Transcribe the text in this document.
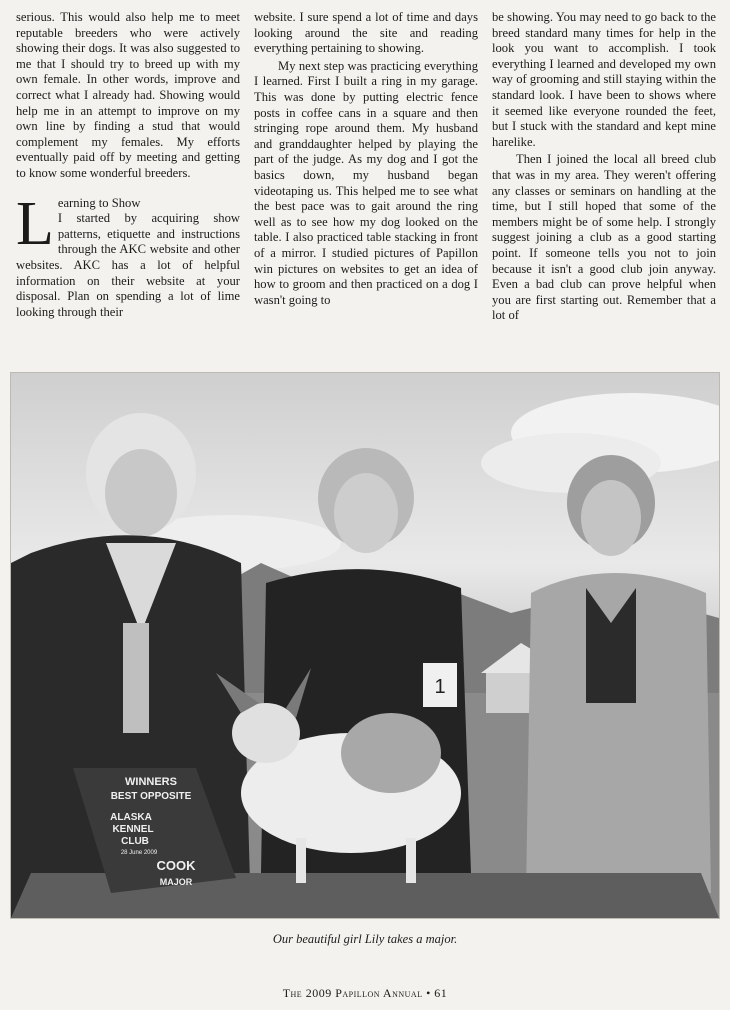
serious. This would also help me to meet reputable breeders who were actively showing their dogs. It was also suggested to me that I should try to breed up with my own female. In other words, improve and correct what I already had. Showing would help me in an attempt to improve on my own line by finding a stud that would complement my females. My efforts eventually paid off by meeting and getting to know some wonderful breeders.

L earning to Show
I started by acquiring show patterns, etiquette and instructions through the AKC website and other websites. AKC has a lot of helpful information on their website at your disposal. Plan on spending a lot of lime looking through their

website. I sure spend a lot of time and days looking around the site and reading everything pertaining to showing.

My next step was practicing everything I learned. First I built a ring in my garage. This was done by putting electric fence posts in coffee cans in a square and then stringing rope around them. My husband and granddaughter helped by playing the part of the judge. As my dog and I got the basics down, my husband began videotaping us. This helped me to see what the best pace was to gait around the ring well as to see how my dog looked on the table. I also practiced table stacking in front of a mirror. I studied pictures of Papillon win pictures on websites to get an idea of how to groom and then practiced on a dog I wasn't going to

be showing. You may need to go back to the breed standard many times for help in the look you want to accomplish. I took everything I learned and developed my own way of grooming and still staying within the standard look. I have been to shows where it seemed like everyone rounded the feet, but I stuck with the standard and kept mine harelike.

Then I joined the local all breed club that was in my area. They weren't offering any classes or seminars on handling at the time, but I still hoped that some of the members might be of some help. I strongly suggest joining a club as a good starting point. If someone tells you not to join because it isn't a good club join anyway. Even a bad club can prove helpful when you are first starting out. Remember that a lot of

1
WINNERS
BEST OPPOSITE
ALASKA
KENNEL
CLUB
28 June 2009
COOK
MAJOR
Our beautiful girl Lily takes a major.
The 2009 Papillon Annual • 61
